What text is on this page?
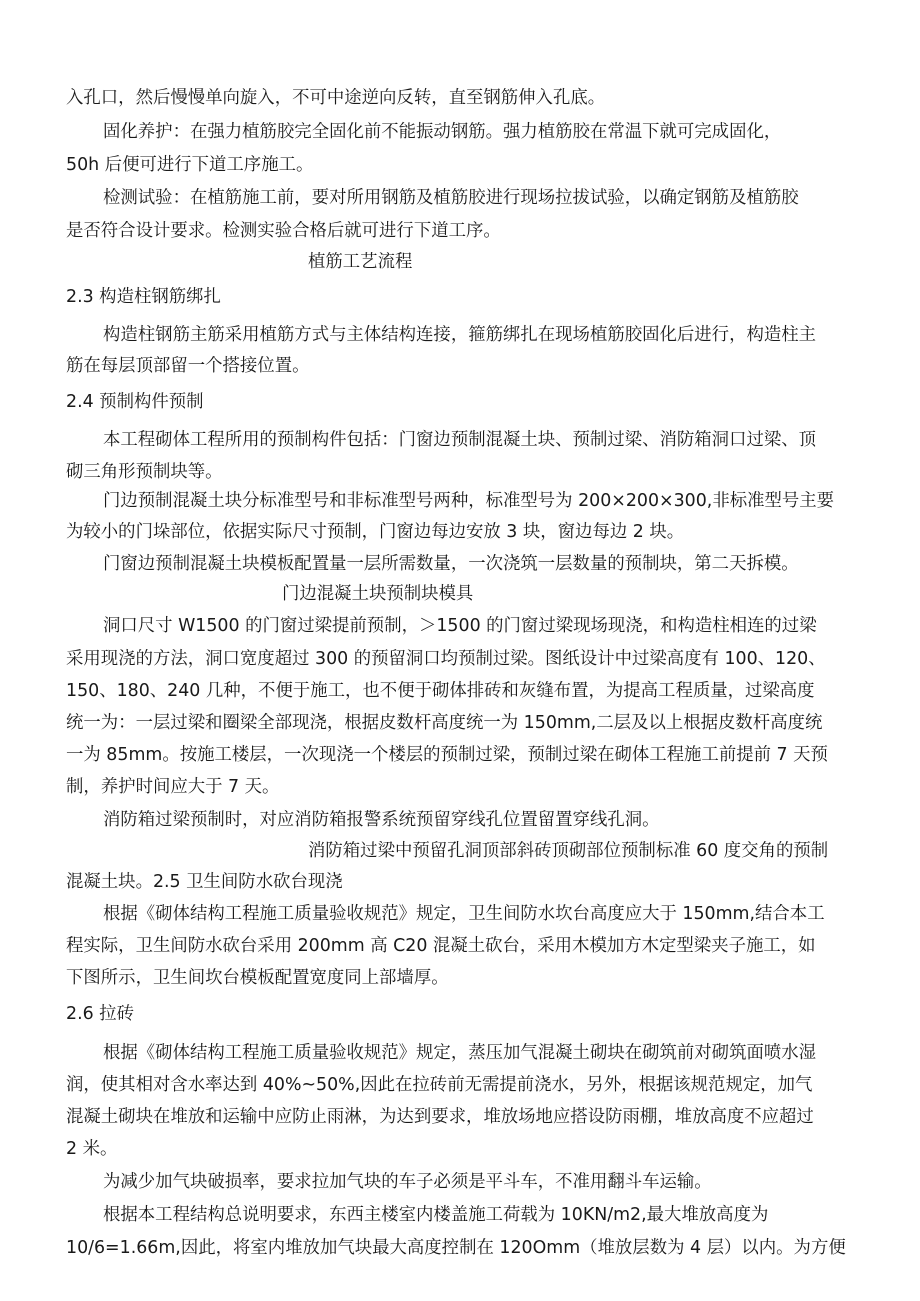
入孔口，然后慢慢单向旋入，不可中途逆向反转，直至钢筋伸入孔底。
固化养护：在强力植筋胶完全固化前不能振动钢筋。强力植筋胶在常温下就可完成固化，
50h 后便可进行下道工序施工。
检测试验：在植筋施工前，要对所用钢筋及植筋胶进行现场拉拔试验，以确定钢筋及植筋胶
是否符合设计要求。检测实验合格后就可进行下道工序。
植筋工艺流程
2.3 构造柱钢筋绑扎
构造柱钢筋主筋采用植筋方式与主体结构连接，箍筋绑扎在现场植筋胶固化后进行，构造柱主
筋在每层顶部留一个搭接位置。
2.4 预制构件预制
本工程砌体工程所用的预制构件包括：门窗边预制混凝土块、预制过梁、消防箱洞口过梁、顶
砌三角形预制块等。
门边预制混凝土块分标准型号和非标准型号两种，标准型号为 200×200×300,非标准型号主要
为较小的门垛部位，依据实际尺寸预制，门窗边每边安放 3 块，窗边每边 2 块。
门窗边预制混凝土块模板配置量一层所需数量，一次浇筑一层数量的预制块，第二天拆模。
门边混凝土块预制块模具
洞口尺寸 W1500 的门窗过梁提前预制，＞1500 的门窗过梁现场现浇，和构造柱相连的过梁
采用现浇的方法，洞口宽度超过 300 的预留洞口均预制过梁。图纸设计中过梁高度有 100、120、
150、180、240 几种，不便于施工，也不便于砌体排砖和灰缝布置，为提高工程质量，过梁高度
统一为：一层过梁和圈梁全部现浇，根据皮数杆高度统一为 150mm,二层及以上根据皮数杆高度统
一为 85mm。按施工楼层，一次现浇一个楼层的预制过梁，预制过梁在砌体工程施工前提前 7 天预
制，养护时间应大于 7 天。
消防箱过梁预制时，对应消防箱报警系统预留穿线孔位置留置穿线孔洞。
消防箱过梁中预留孔洞顶部斜砖顶砌部位预制标准 60 度交角的预制
混凝土块。2.5 卫生间防水砍台现浇
根据《砌体结构工程施工质量验收规范》规定，卫生间防水坎台高度应大于 150mm,结合本工
程实际，卫生间防水砍台采用 200mm 高 C20 混凝土砍台，采用木模加方木定型梁夹子施工，如
下图所示，卫生间坎台模板配置宽度同上部墙厚。
2.6 拉砖
根据《砌体结构工程施工质量验收规范》规定，蒸压加气混凝土砌块在砌筑前对砌筑面喷水湿
润，使其相对含水率达到 40%~50%,因此在拉砖前无需提前浇水，另外，根据该规范规定，加气
混凝土砌块在堆放和运输中应防止雨淋，为达到要求，堆放场地应搭设防雨棚，堆放高度不应超过
2 米。
为减少加气块破损率，要求拉加气块的车子必须是平斗车，不准用翻斗车运输。
根据本工程结构总说明要求，东西主楼室内楼盖施工荷载为 10KN/m2,最大堆放高度为
10/6=1.66m,因此，将室内堆放加气块最大高度控制在 120Omm（堆放层数为 4 层）以内。为方便
